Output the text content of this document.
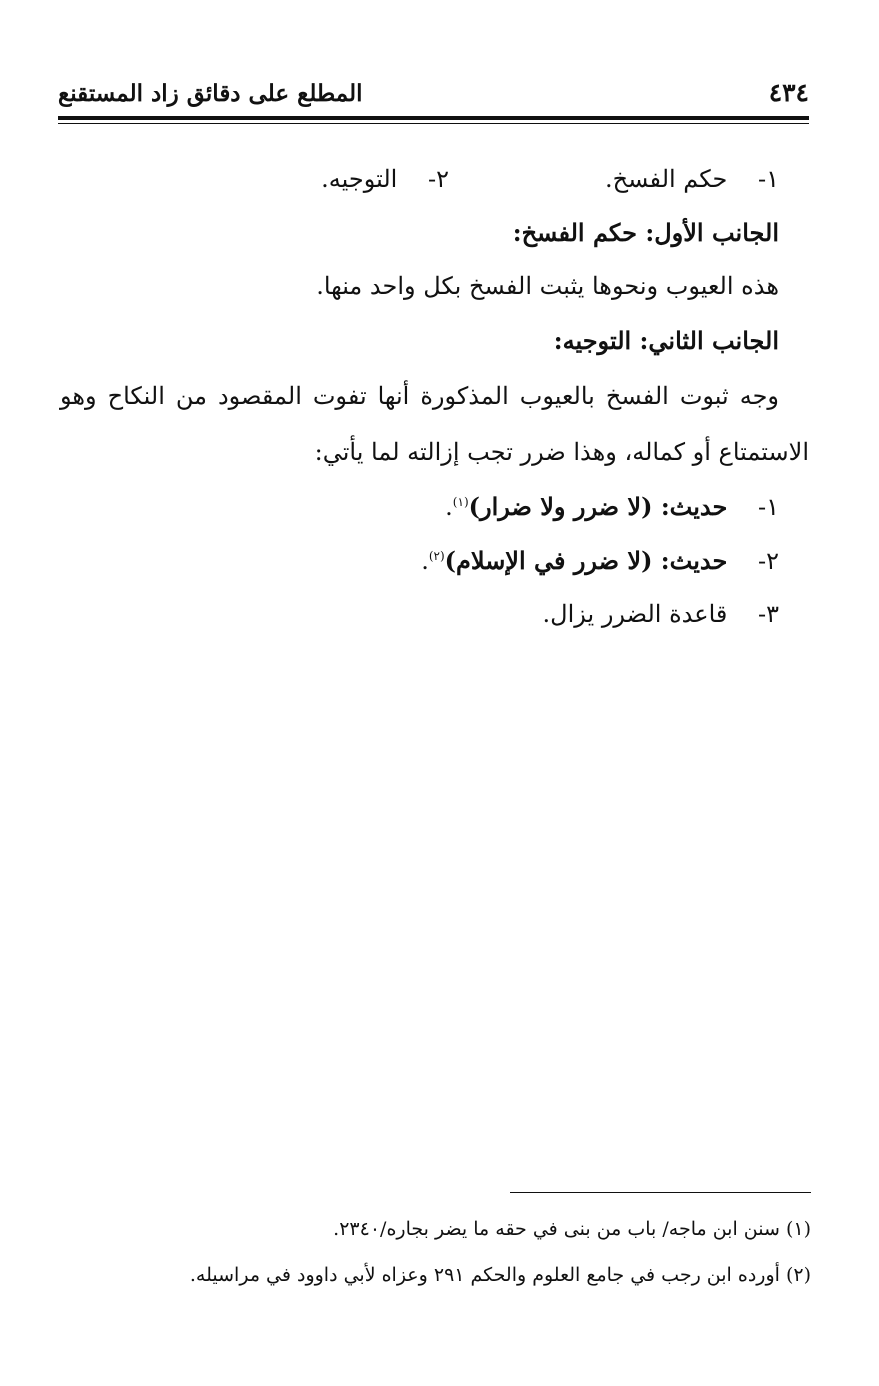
٤٣٤
المطلع على دقائق زاد المستقنع
١- حكم الفسخ.
٢- التوجيه.
الجانب الأول: حكم الفسخ:
هذه العيوب ونحوها يثبت الفسخ بكل واحد منها.
الجانب الثاني: التوجيه:
وجه ثبوت الفسخ بالعيوب المذكورة أنها تفوت المقصود من النكاح وهو
الاستمتاع أو كماله، وهذا ضرر تجب إزالته لما يأتي:
١- حديث: (لا ضرر ولا ضرار)$^{(١)}$.
٢- حديث: (لا ضرر في الإسلام)$^{(٢)}$.
٣- قاعدة الضرر يزال.
(١) سنن ابن ماجه/ باب من بنى في حقه ما يضر بجاره/٢٣٤٠.
(٢) أورده ابن رجب في جامع العلوم والحكم ٢٩١ وعزاه لأبي داوود في مراسيله.
